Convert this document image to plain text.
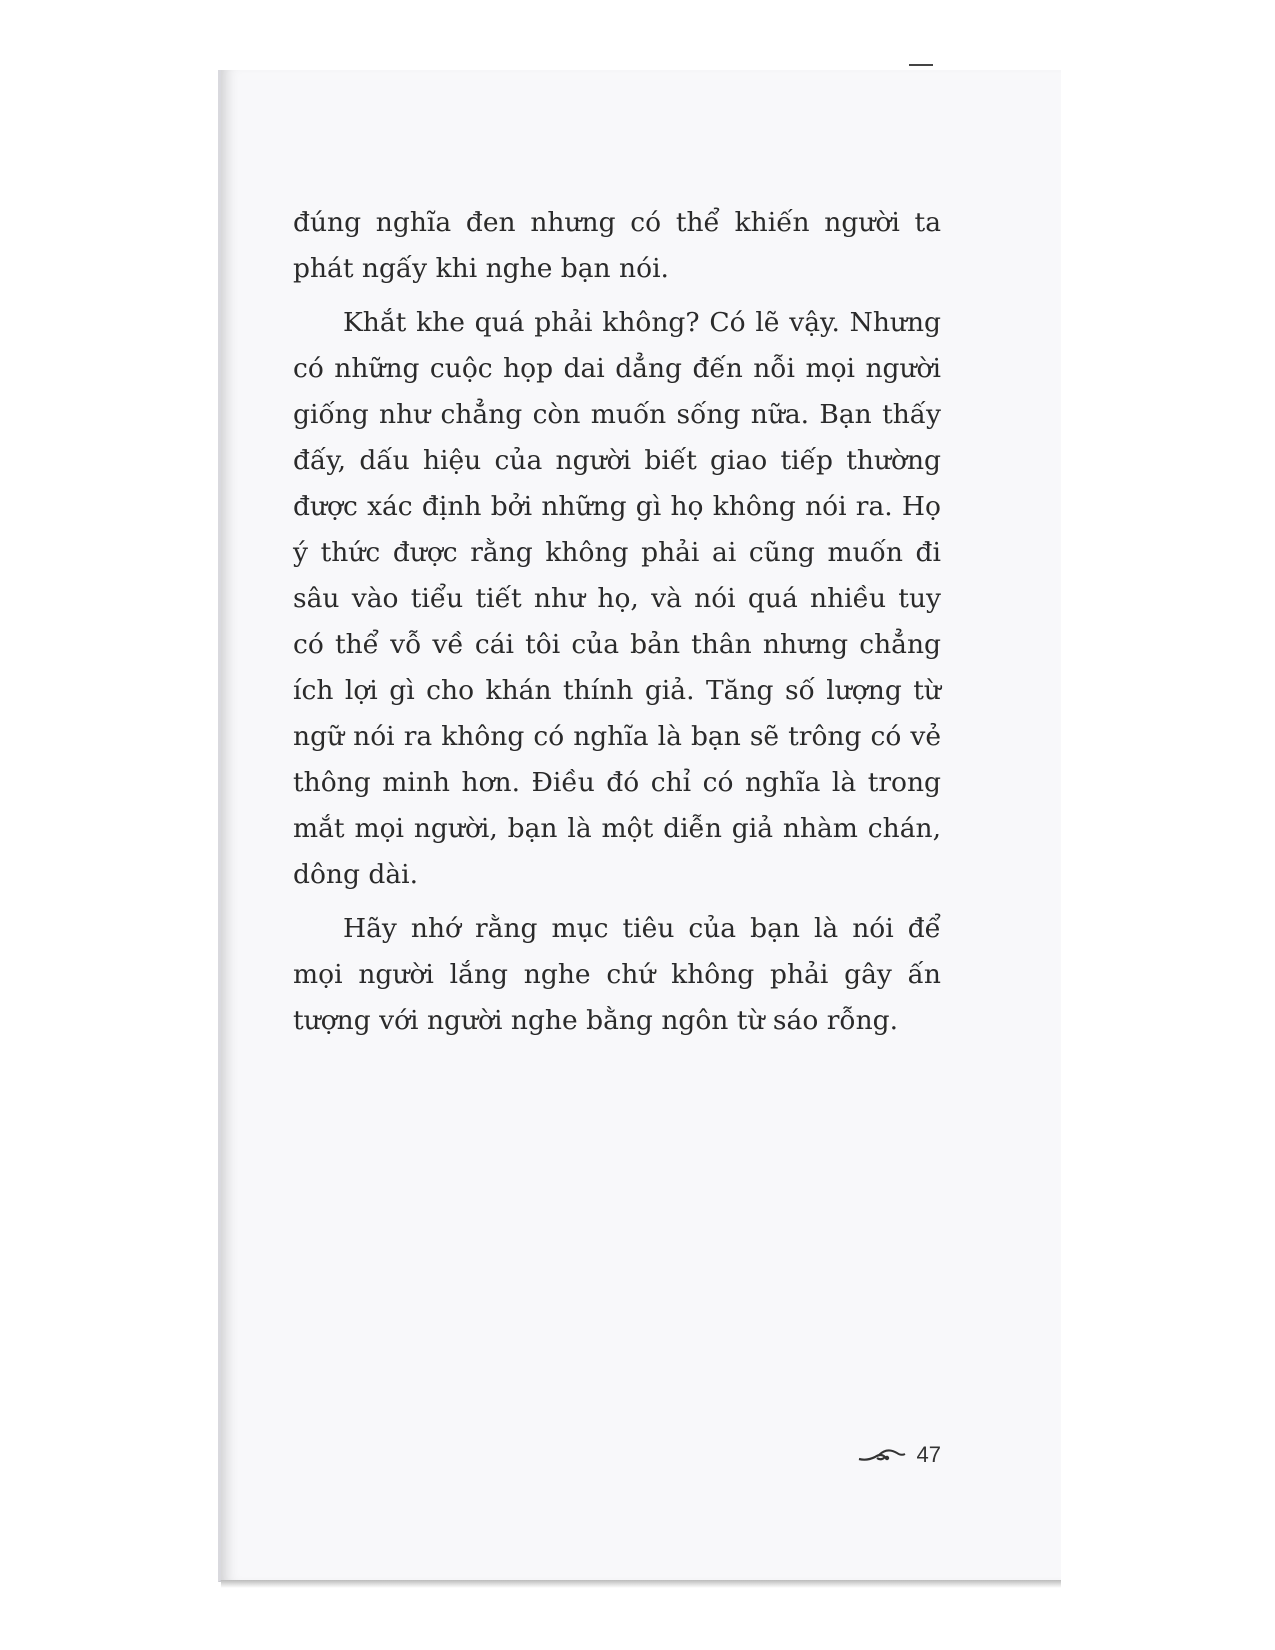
đúng nghĩa đen nhưng có thể khiến người ta phát ngấy khi nghe bạn nói.

Khắt khe quá phải không? Có lẽ vậy. Nhưng có những cuộc họp dai dẳng đến nỗi mọi người giống như chẳng còn muốn sống nữa. Bạn thấy đấy, dấu hiệu của người biết giao tiếp thường được xác định bởi những gì họ không nói ra. Họ ý thức được rằng không phải ai cũng muốn đi sâu vào tiểu tiết như họ, và nói quá nhiều tuy có thể vỗ về cái tôi của bản thân nhưng chẳng ích lợi gì cho khán thính giả. Tăng số lượng từ ngữ nói ra không có nghĩa là bạn sẽ trông có vẻ thông minh hơn. Điều đó chỉ có nghĩa là trong mắt mọi người, bạn là một diễn giả nhàm chán, dông dài.

Hãy nhớ rằng mục tiêu của bạn là nói để mọi người lắng nghe chứ không phải gây ấn tượng với người nghe bằng ngôn từ sáo rỗng.

47
